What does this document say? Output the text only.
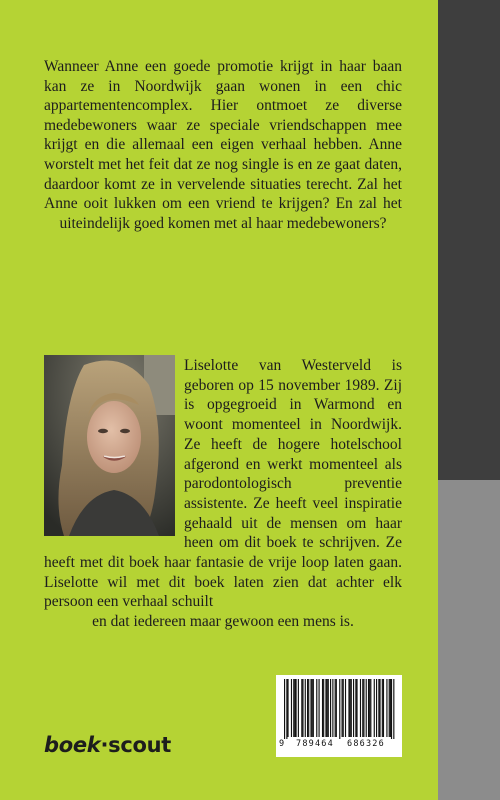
Wanneer Anne een goede promotie krijgt in haar baan kan ze in Noordwijk gaan wonen in een chic appartementencomplex. Hier ontmoet ze diverse medebewoners waar ze speciale vriendschappen mee krijgt en die allemaal een eigen verhaal hebben. Anne worstelt met het feit dat ze nog single is en ze gaat daten, daardoor komt ze in vervelende situaties terecht. Zal het Anne ooit lukken om een vriend te krijgen? En zal het uiteindelijk goed komen met al haar medebewoners?

Liselotte van Westerveld is geboren op 15 november 1989. Zij is opgegroeid in Warmond en woont momenteel in Noordwijk. Ze heeft de hogere hotelschool afgerond en werkt momenteel als parodontologisch preventie assistente. Ze heeft veel inspiratie gehaald uit de mensen om haar heen om dit boek te schrijven. Ze heeft met dit boek haar fantasie de vrije loop laten gaan. Liselotte wil met dit boek laten zien dat achter elk persoon een verhaal schuilt
en dat iedereen maar gewoon een mens is.
9 789464 686326
boek·scout
